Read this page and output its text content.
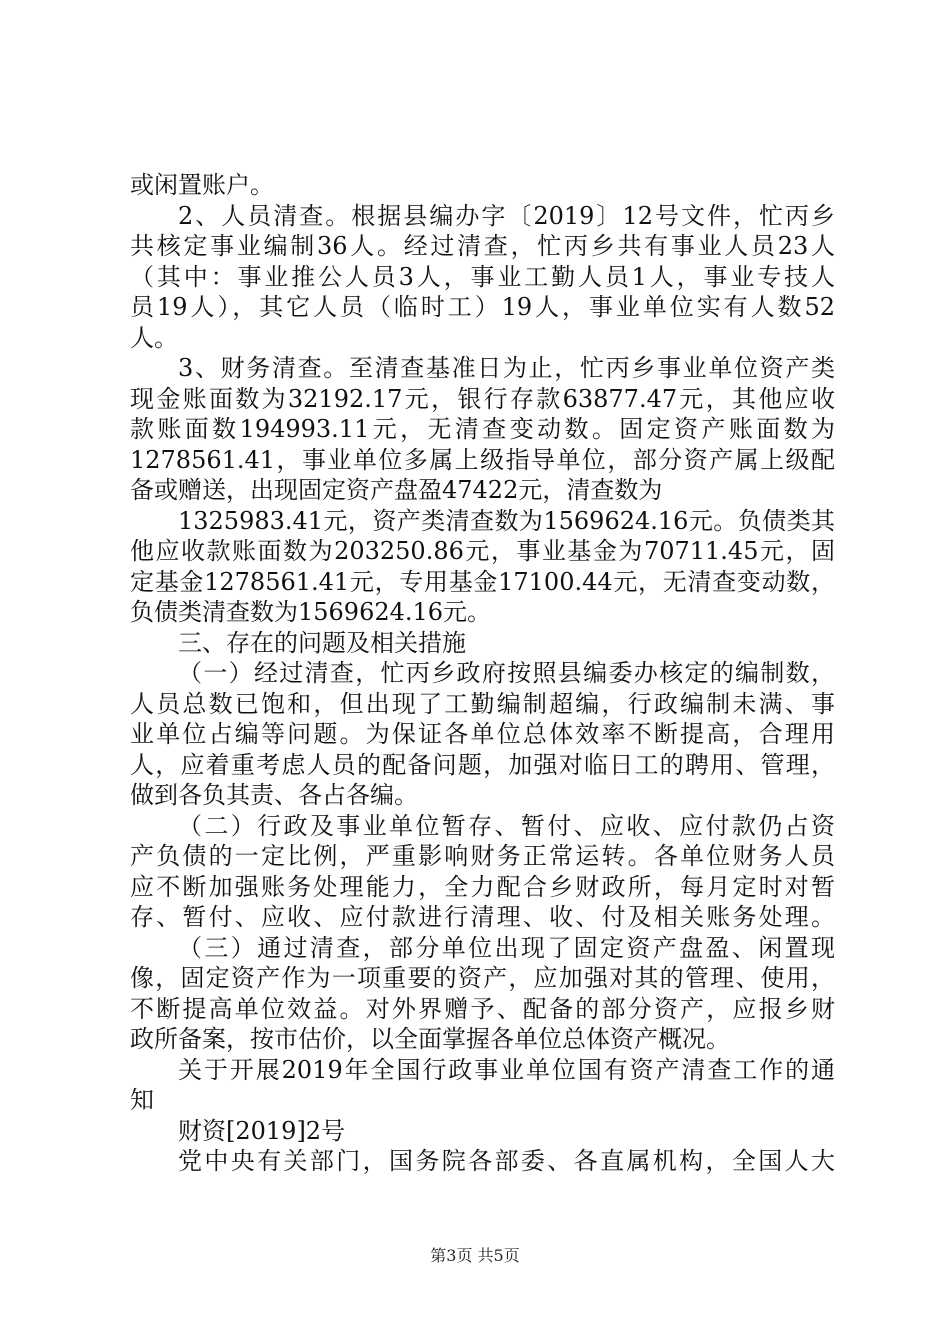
或闲置账户。
2、人员清查。根据县编办字〔2019〕12号文件，忙丙乡
共核定事业编制36人。经过清查，忙丙乡共有事业人员23人
（其中：事业推公人员3人，事业工勤人员1人，事业专技人
员19人），其它人员（临时工）19人，事业单位实有人数52
人。
3、财务清查。至清查基准日为止，忙丙乡事业单位资产类
现金账面数为32192.17元，银行存款63877.47元，其他应收
款账面数194993.11元，无清查变动数。固定资产账面数为
1278561.41，事业单位多属上级指导单位，部分资产属上级配
备或赠送，出现固定资产盘盈47422元，清查数为
1325983.41元，资产类清查数为1569624.16元。负债类其
他应收款账面数为203250.86元，事业基金为70711.45元，固
定基金1278561.41元，专用基金17100.44元，无清查变动数，
负债类清查数为1569624.16元。
三、存在的问题及相关措施
（一）经过清查，忙丙乡政府按照县编委办核定的编制数，
人员总数已饱和，但出现了工勤编制超编，行政编制未满、事
业单位占编等问题。为保证各单位总体效率不断提高，合理用
人，应着重考虑人员的配备问题，加强对临日工的聘用、管理，
做到各负其责、各占各编。
（二）行政及事业单位暂存、暂付、应收、应付款仍占资
产负债的一定比例，严重影响财务正常运转。各单位财务人员
应不断加强账务处理能力，全力配合乡财政所，每月定时对暂
存、暂付、应收、应付款进行清理、收、付及相关账务处理。
（三）通过清查，部分单位出现了固定资产盘盈、闲置现
像，固定资产作为一项重要的资产，应加强对其的管理、使用，
不断提高单位效益。对外界赠予、配备的部分资产，应报乡财
政所备案，按市估价，以全面掌握各单位总体资产概况。
关于开展2019年全国行政事业单位国有资产清查工作的通
知
财资[2019]2号
党中央有关部门，国务院各部委、各直属机构，全国人大
第3页 共5页
